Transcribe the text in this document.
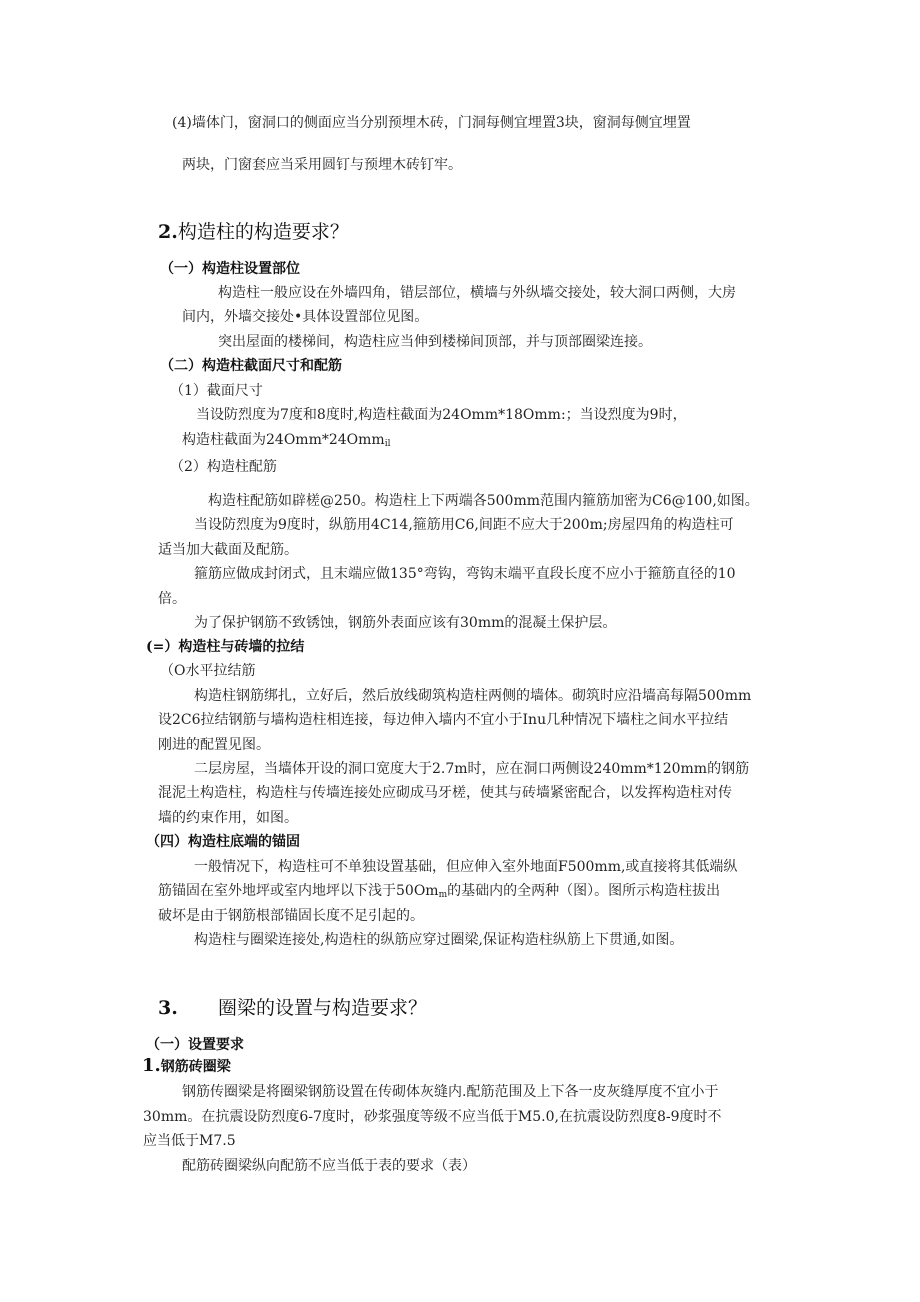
(4)墙体门，窗洞口的侧面应当分别预埋木砖，门洞每侧宜埋置3块，窗洞每侧宜埋置
两块，门窗套应当采用圆钉与预埋木砖钉牢。
2.构造柱的构造要求？
（一）构造柱设置部位
构造柱一般应设在外墙四角，错层部位，横墙与外纵墙交接处，较大洞口两侧，大房
间内，外墙交接处•具体设置部位见图。
突出屋面的楼梯间，构造柱应当伸到楼梯间顶部，并与顶部圈梁连接。
（二）构造柱截面尺寸和配筋
（1）截面尺寸
当设防烈度为7度和8度时,构造柱截面为24Omm*18Omm:；当设烈度为9时，
构造柱截面为24Omm*24Omm$_{il}$
（2）构造柱配筋
构造柱配筋如辟槎@250。构造柱上下两端各500mm范围内箍筋加密为C6@100,如图。
当设防烈度为9度时，纵筋用4C14,箍筋用C6,间距不应大于200m;房屋四角的构造柱可
适当加大截面及配筋。
箍筋应做成封闭式，且末端应做135°弯钩，弯钩末端平直段长度不应小于箍筋直径的10
倍。
为了保护钢筋不致锈蚀，钢筋外表面应该有30mm的混凝土保护层。
(=）构造柱与砖墙的拉结
（O水平拉结筋
构造柱钢筋绑扎，立好后，然后放线砌筑构造柱两侧的墙体。砌筑时应沿墙高每隔500mm
设2C6拉结钢筋与墙构造柱相连接，每边伸入墙内不宜小于Inu几种情况下墙柱之间水平拉结
刚进的配置见图。
二层房屋，当墙体开设的洞口宽度大于2.7m时，应在洞口两侧设240mm*120mm的钢筋
混泥土构造柱，构造柱与传墙连接处应砌成马牙槎，使其与砖墙紧密配合，以发挥构造柱对传
墙的约束作用，如图。
（四）构造柱底端的锚固
一般情况下，构造柱可不单独设置基础，但应伸入室外地面F500mm,或直接将其低端纵
筋锚固在室外地坪或室内地坪以下浅于$50Om_m$的基础内的全两种（图）。图所示构造柱拔出
破坏是由于钢筋根部锚固长度不足引起的。
构造柱与圈梁连接处,构造柱的纵筋应穿过圈梁,保证构造柱纵筋上下贯通,如图。
3. 圈梁的设置与构造要求？
（一）设置要求
1.钢筋砖圈梁
钢筋传圈梁是将圈梁钢筋设置在传砌体灰缝内.配筋范围及上下各一皮灰缝厚度不宜小于
30mm。在抗震设防烈度6-7度时，砂浆强度等级不应当低于M5.0,在抗震设防烈度8-9度时不
应当低于M7.5
配筋砖圈梁纵向配筋不应当低于表的要求（表）
